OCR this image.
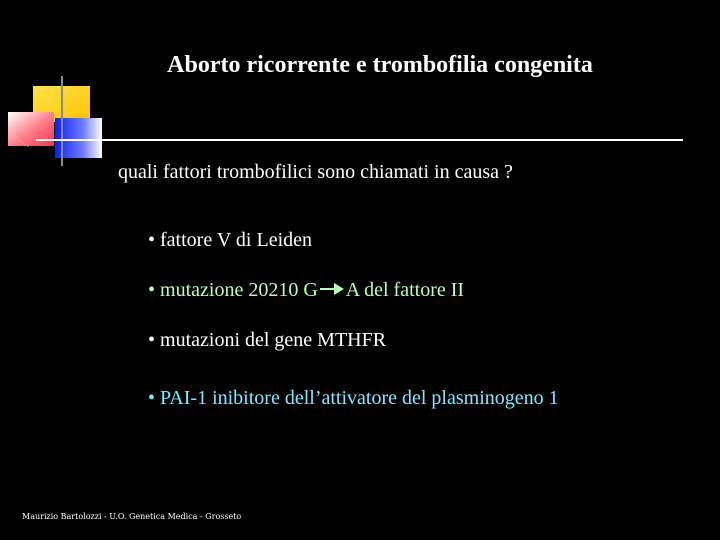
Aborto ricorrente e trombofilia congenita
quali fattori trombofilici sono chiamati in causa ?
• fattore V di Leiden
• mutazione 20210 G A del fattore II
• mutazioni del gene MTHFR
• PAI-1 inibitore dell’attivatore del plasminogeno 1
Maurizio Bartolozzi - U.O. Genetica Medica - Grosseto
